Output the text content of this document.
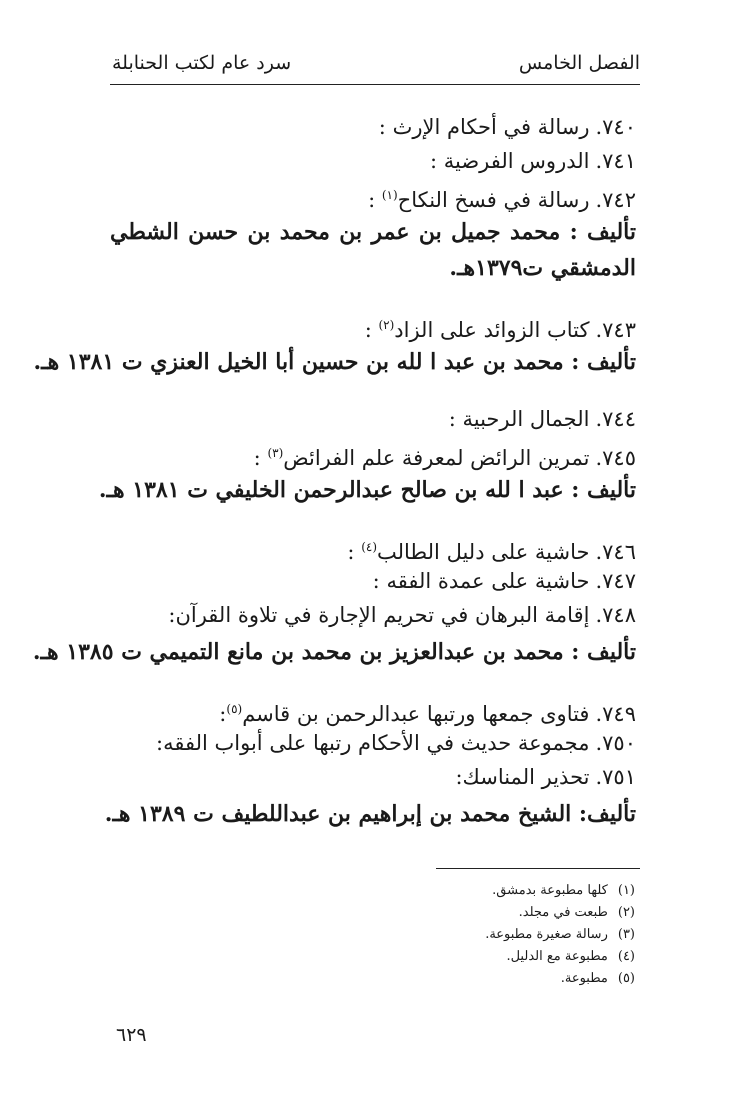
الفصل الخامس
سرد عام لكتب الحنابلة
٧٤٠.رسالة في أحكام الإرث :
٧٤١.الدروس الفرضية :
٧٤٢.رسالة في فسخ النكاح$^{(١)}$ :
تأليف : محمد جميل بن عمر بن محمد بن حسن الشطي الدمشقي ت١٣٧٩هـ.
٧٤٣.كتاب الزوائد على الزاد$^{(٢)}$ :
تأليف : محمد بن عبد ا لله بن حسين أبا الخيل العنزي ت ١٣٨١ هـ.
٧٤٤.الجمال الرحبية :
٧٤٥.تمرين الرائض لمعرفة علم الفرائض$^{(٣)}$ :
تأليف : عبد ا لله بن صالح عبدالرحمن الخليفي ت ١٣٨١ هـ.
٧٤٦.حاشية على دليل الطالب$^{(٤)}$ :
٧٤٧.حاشية على عمدة الفقه :
٧٤٨.إقامة البرهان في تحريم الإجارة في تلاوة القرآن:
تأليف : محمد بن عبدالعزيز بن محمد بن مانع التميمي ت ١٣٨٥ هـ.
٧٤٩.فتاوى جمعها ورتبها عبدالرحمن بن قاسم$^{(٥)}$:
٧٥٠.مجموعة حديث في الأحكام رتبها على أبواب الفقه:
٧٥١.تحذير المناسك:
تأليف: الشيخ محمد بن إبراهيم بن عبداللطيف ت ١٣٨٩ هـ.
(١)كلها مطبوعة بدمشق.
(٢)طبعت في مجلد.
(٣)رسالة صغيرة مطبوعة.
(٤)مطبوعة مع الدليل.
(٥)مطبوعة.
٦٢٩
